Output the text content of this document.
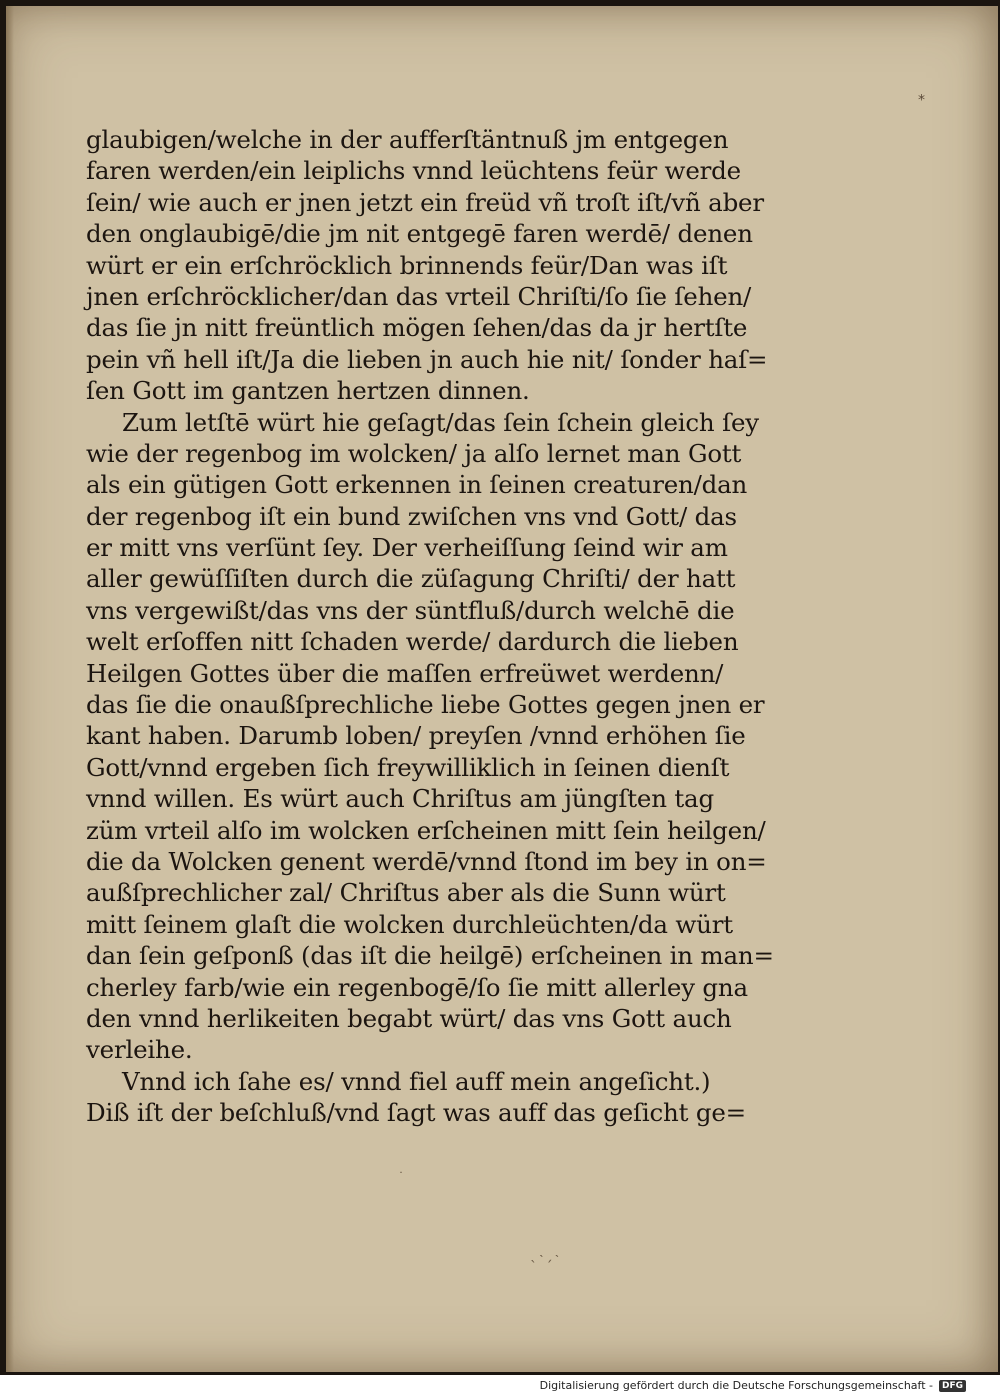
⁎
glaubigen/welche in der aufferſtäntnuß jm entgegen
faren werden/ein leiplichs vnnd leüchtens feür werde
ſein/ wie auch er jnen jetzt ein freüd vñ troſt iſt/vñ aber
den onglaubigē/die jm nit entgegē faren werdē/ denen
würt er ein erſchröcklich brinnends feür/Dan was iſt
jnen erſchröcklicher/dan das vrteil Chriſti/ſo ſie ſehen/
das ſie jn nitt freüntlich mögen ſehen/das da jr hertſte
pein vñ hell iſt/Ja die lieben jn auch hie nit/ ſonder haſ=
ſen Gott im gantzen hertzen dinnen.
Zum letſtē würt hie geſagt/das ſein ſchein gleich ſey
wie der regenbog im wolcken/ ja alſo lernet man Gott
als ein gütigen Gott erkennen in ſeinen creaturen/dan
der regenbog iſt ein bund zwiſchen vns vnd Gott/ das
er mitt vns verſünt ſey. Der verheiſſung ſeind wir am
aller gewüſſiſten durch die züſagung Chriſti/ der hatt
vns vergewißt/das vns der süntfluß/durch welchē die
welt erſoffen nitt ſchaden werde/ dardurch die lieben
Heilgen Gottes über die maſſen erfreüwet werdenn/
das ſie die onaußſprechliche liebe Gottes gegen jnen er
kant haben. Darumb loben/ preyſen /vnnd erhöhen ſie
Gott/vnnd ergeben ſich freywilliklich in ſeinen dienſt
vnnd willen. Es würt auch Chriſtus am jüngſten tag
züm vrteil alſo im wolcken erſcheinen mitt ſein heilgen/
die da Wolcken genent werdē/vnnd ſtond im bey in on=
außſprechlicher zal/ Chriſtus aber als die Sunn würt
mitt ſeinem glaſt die wolcken durchleüchten/da würt
dan ſein geſponß (das iſt die heilgē) erſcheinen in man=
cherley farb/wie ein regenbogē/ſo ſie mitt allerley gna
den vnnd herlikeiten begabt würt/ das vns Gott auch
verleihe.
Vnnd ich ſahe es/ vnnd fiel auff mein angeſicht.)
Diß iſt der beſchluß/vnd ſagt was auff das geſicht ge=
˙
ˎ˴ˏ˴
Digitalisierung gefördert durch die Deutsche Forschungsgemeinschaft -	DFG
